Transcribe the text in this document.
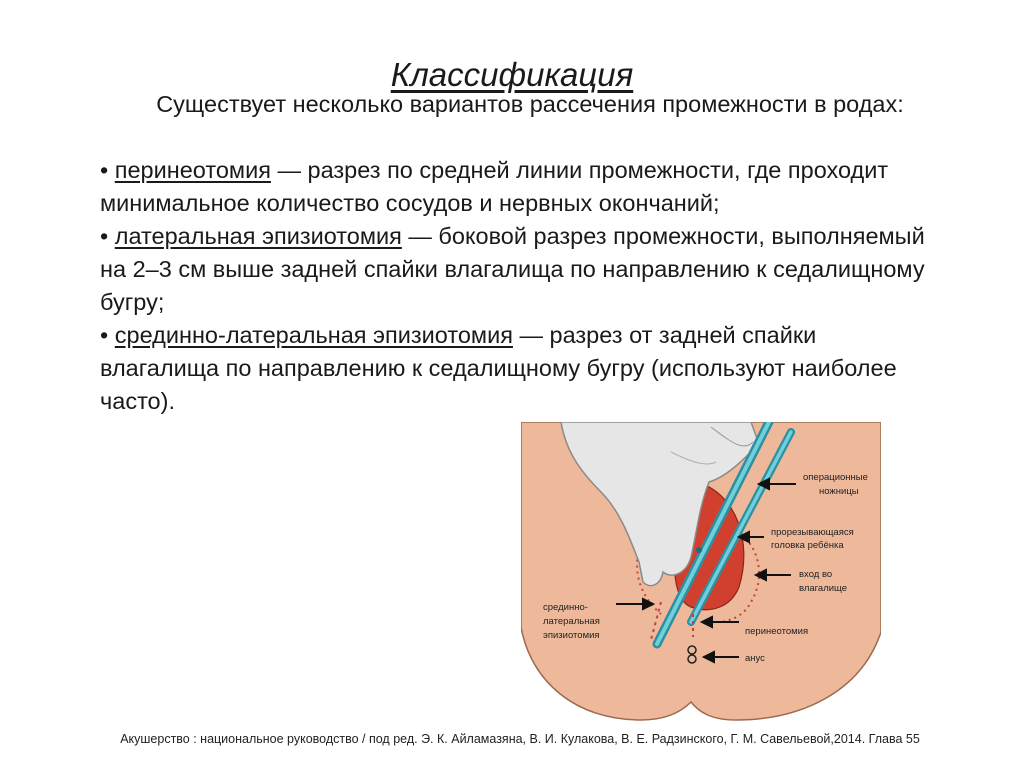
Классификация
Существует несколько вариантов рассечения промежности в родах:

• перинеотомия — разрез по средней линии промежности, где проходит минимальное количество сосудов и нервных окончаний;

• латеральная эпизиотомия — боковой разрез промежности, выполняемый на 2–3 см выше задней спайки влагалища по направлению к седалищному бугру;

• срединно-латеральная эпизиотомия — разрез от задней спайки влагалища по направлению к седалищному бугру (используют наиболее часто).

операционные
ножницы
прорезывающаяся
головка ребёнка
вход во
влагалище
срединно-
латеральная
эпизиотомия	перинеотомия
анус
Акушерство : национальное руководство / под ред. Э. К. Айламазяна, В. И. Кулакова, В. Е. Радзинского, Г. М. Савельевой,2014. Глава 55
